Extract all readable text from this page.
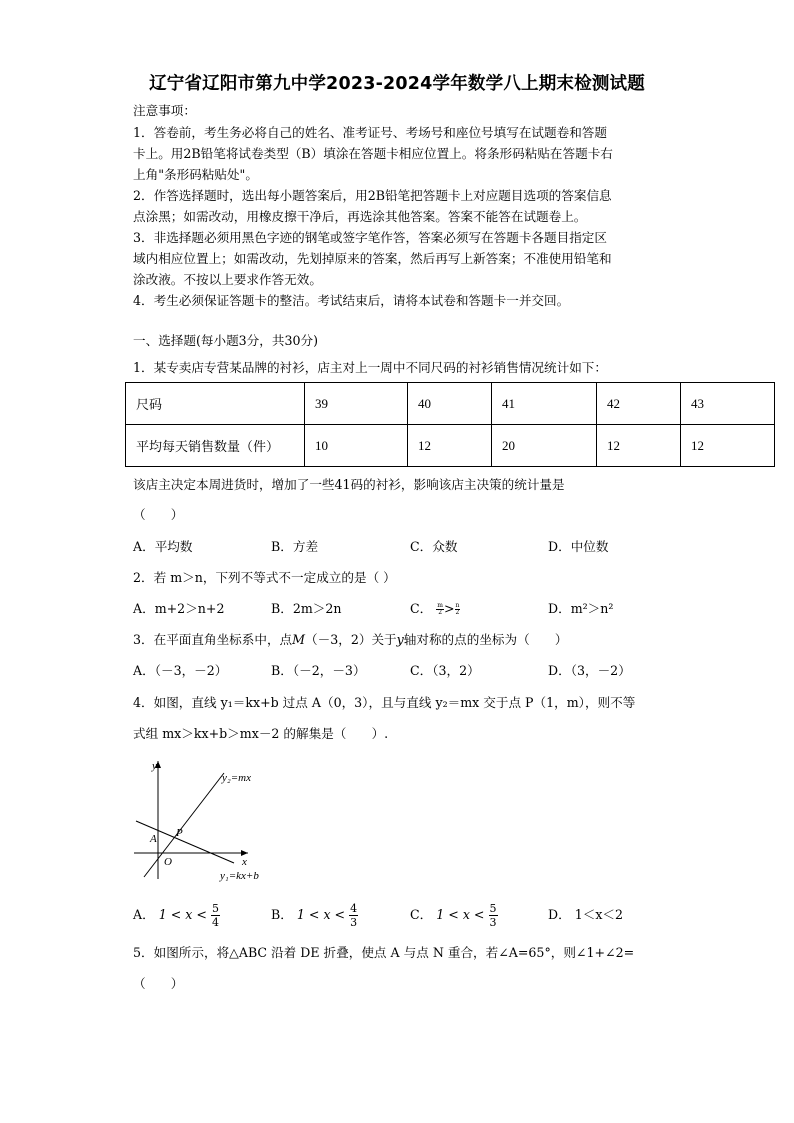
辽宁省辽阳市第九中学2023-2024学年数学八上期末检测试题
注意事项：
1．答卷前，考生务必将自己的姓名、准考证号、考场号和座位号填写在试题卷和答题
卡上。用2B铅笔将试卷类型（B）填涂在答题卡相应位置上。将条形码粘贴在答题卡右
上角"条形码粘贴处"。
2．作答选择题时，选出每小题答案后，用2B铅笔把答题卡上对应题目选项的答案信息
点涂黑；如需改动，用橡皮擦干净后，再选涂其他答案。答案不能答在试题卷上。
3．非选择题必须用黑色字迹的钢笔或签字笔作答，答案必须写在答题卡各题目指定区
域内相应位置上；如需改动，先划掉原来的答案，然后再写上新答案；不准使用铅笔和
涂改液。不按以上要求作答无效。
4．考生必须保证答题卡的整洁。考试结束后，请将本试卷和答题卡一并交回。
一、选择题(每小题3分，共30分)
1．某专卖店专营某品牌的衬衫，店主对上一周中不同尺码的衬衫销售情况统计如下：
尺码	39	40	41	42	43
平均每天销售数量（件）	10	12	20	12	12
该店主决定本周进货时，增加了一些41码的衬衫，影响该店主决策的统计量是
（　　）
A．平均数	B．方差	C．众数	D．中位数
2．若 m＞n，下列不等式不一定成立的是（ ）
A．m+2＞n+2	B．2m＞2n	C． $\frac{m}{2} > \frac{n}{2}$	D．m²＞n²
3．在平面直角坐标系中，点M（－3，2）关于y轴对称的点的坐标为（　　）
A．（－3，－2）	B．（－2，－3）	C．（3，2）	D．（3，－2）
4．如图，直线 y₁＝kx+b 过点 A（0，3），且与直线 y₂＝mx 交于点 P（1，m），则不等
式组 mx＞kx+b＞mx－2 的解集是（　　）.
y
x
O
A P
y₂=mx
y₁=kx+b
A． $1 < x < \frac{5}{4}$	B． $1 < x < \frac{4}{3}$	C． $1 < x < \frac{5}{3}$	D． 1＜x＜2
5．如图所示，将△ABC 沿着 DE 折叠，使点 A 与点 N 重合，若∠A=65°，则∠1+∠2=
（　　）
